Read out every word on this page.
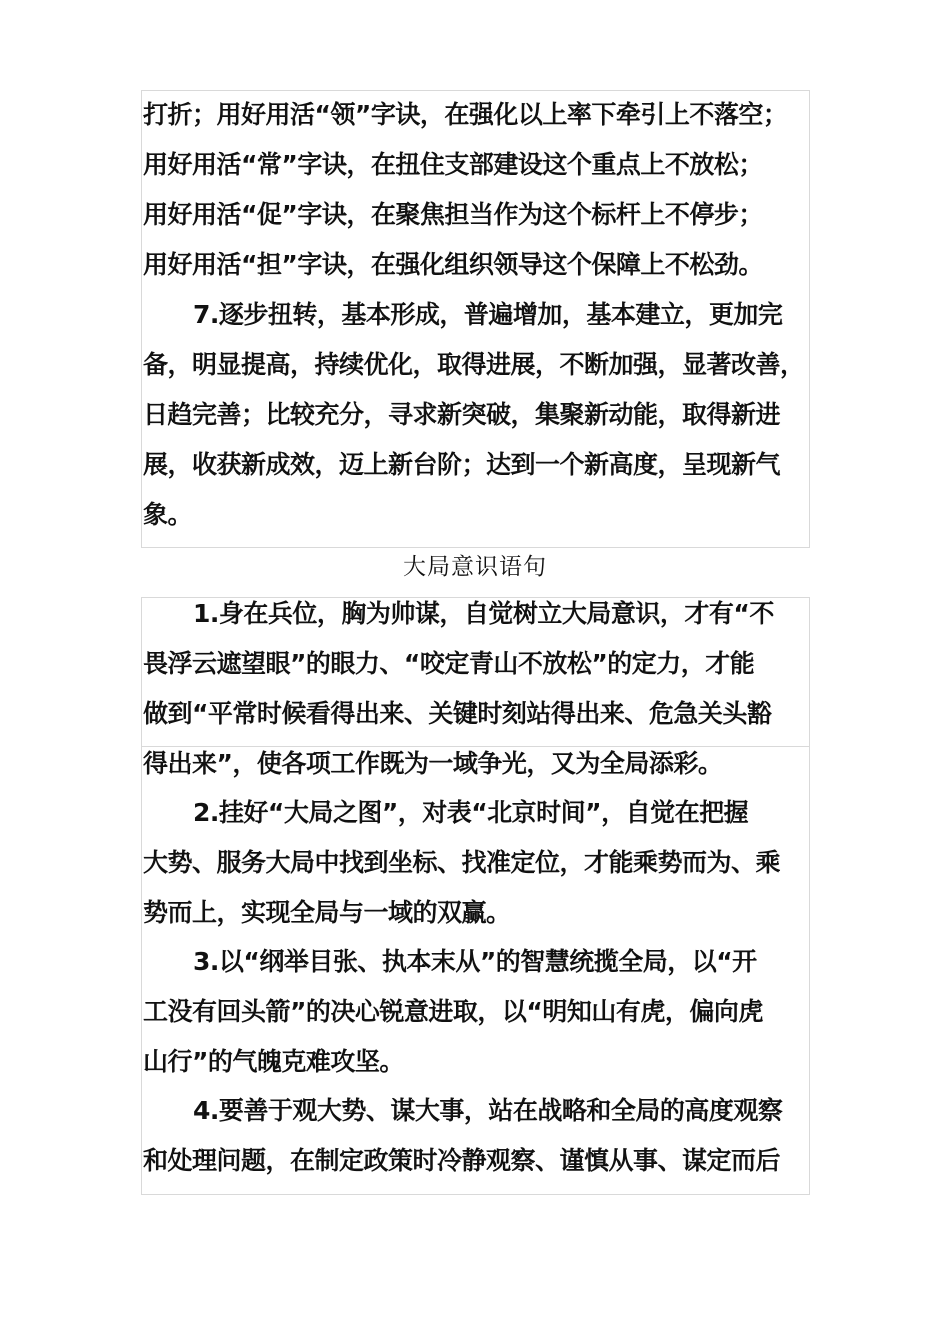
打折；用好用活“领”字诀，在强化以上率下牵引上不落空；
用好用活“常”字诀，在扭住支部建设这个重点上不放松；
用好用活“促”字诀，在聚焦担当作为这个标杆上不停步；
用好用活“担”字诀，在强化组织领导这个保障上不松劲。
7.逐步扭转，基本形成，普遍增加，基本建立，更加完
备，明显提高，持续优化，取得进展，不断加强，显著改善，
日趋完善；比较充分，寻求新突破，集聚新动能，取得新进
展，收获新成效，迈上新台阶；达到一个新高度，呈现新气
象。
大局意识语句
1.身在兵位，胸为帅谋，自觉树立大局意识，才有“不
畏浮云遮望眼”的眼力、“咬定青山不放松”的定力，才能
做到“平常时候看得出来、关键时刻站得出来、危急关头豁
得出来”，使各项工作既为一域争光，又为全局添彩。
2.挂好“大局之图”，对表“北京时间”，自觉在把握
大势、服务大局中找到坐标、找准定位，才能乘势而为、乘
势而上，实现全局与一域的双赢。
3.以“纲举目张、执本末从”的智慧统揽全局，以“开
工没有回头箭”的决心锐意进取，以“明知山有虎，偏向虎
山行”的气魄克难攻坚。
4.要善于观大势、谋大事，站在战略和全局的高度观察
和处理问题，在制定政策时冷静观察、谨慎从事、谋定而后
